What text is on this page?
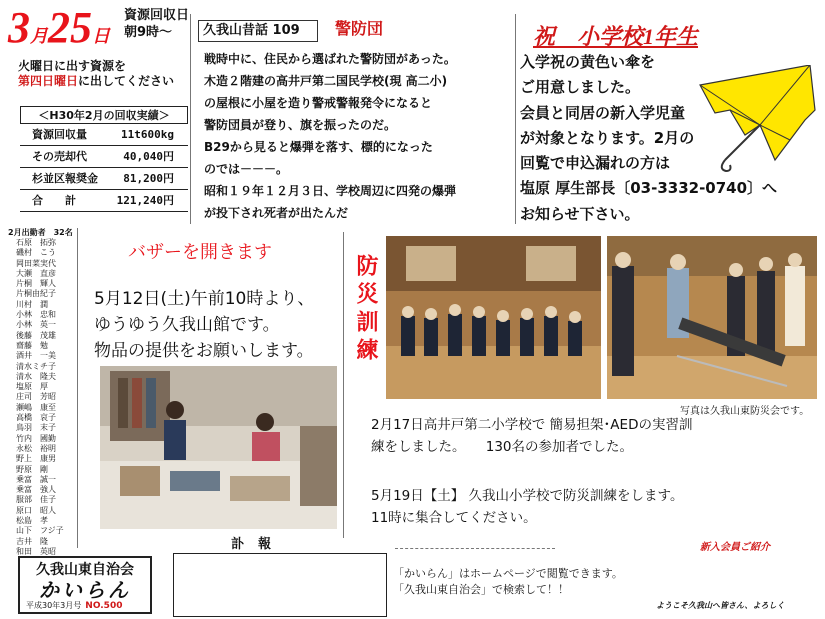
3月25日
資源回収日
朝9時～
火曜日に出す資源を
第四日曜日に出してください
＜H30年2月の回収実績＞
資源回収量	11t600kg
その売却代	40,040円
杉並区報奨金 81,200円
合　　計	121,240円
2月出勤者　32名
石原　拓弥
磯村　こう
岡田菜実代
大瀬　直彦
片桐　輝人
片桐由紀子
川村　潤
小林　忠和
小林　英一
後藤　茂雄
齋藤　勉
酒井　一美
清水ミチ子
清水　隆夫
塩原　厚
庄司　芳昭
瀬嶋　康至
高橋　哀子
鳥羽　末子
竹内　國勤
永松　裕明
野上　康男
野原　剛
乗富　誠一
乗富　強人
服部　佳子
原口　昭人
松島　孝
山下　フジ子
吉井　隆
和田　英昭
久我山昔話 109	警防団
戦時中に、住民から選ばれた警防団があった。
木造２階建の高井戸第二国民学校(現 高二小)
の屋根に小屋を造り警戒警報発令になると
警防団員が登り、旗を振ったのだ。
B29から見ると爆弾を落す、標的になった
のでは－－－。
昭和１９年１２月３日、学校周辺に四発の爆弾
が投下され死者が出たんだ
祝　小学校1年生
入学祝の黄色い傘を
ご用意しました。
会員と同居の新入学児童
が対象となります。2月の
回覧で申込漏れの方は
塩原 厚生部長〔03-3332-0740〕へ
お知らせ下さい。
バザーを開きます
5月12日(土)午前10時より、
ゆうゆう久我山館です。
物品の提供をお願いします。
訃報
防災訓練
写真は久我山東防災会です。
2月17日高井戸第二小学校で 簡易担架･AEDの実習訓
練をしました。　　130名の参加者でした。
5月19日【土】 久我山小学校で防災訓練をします。
11時に集合してください。
新入会員ご紹介
ようこそ久我山へ皆さん、よろしく
久我山東自治会
かいらん
平成30年3月号 NO.500
「かいらん」はホームページで閲覧できます。
「久我山東自治会」で検索して！！
